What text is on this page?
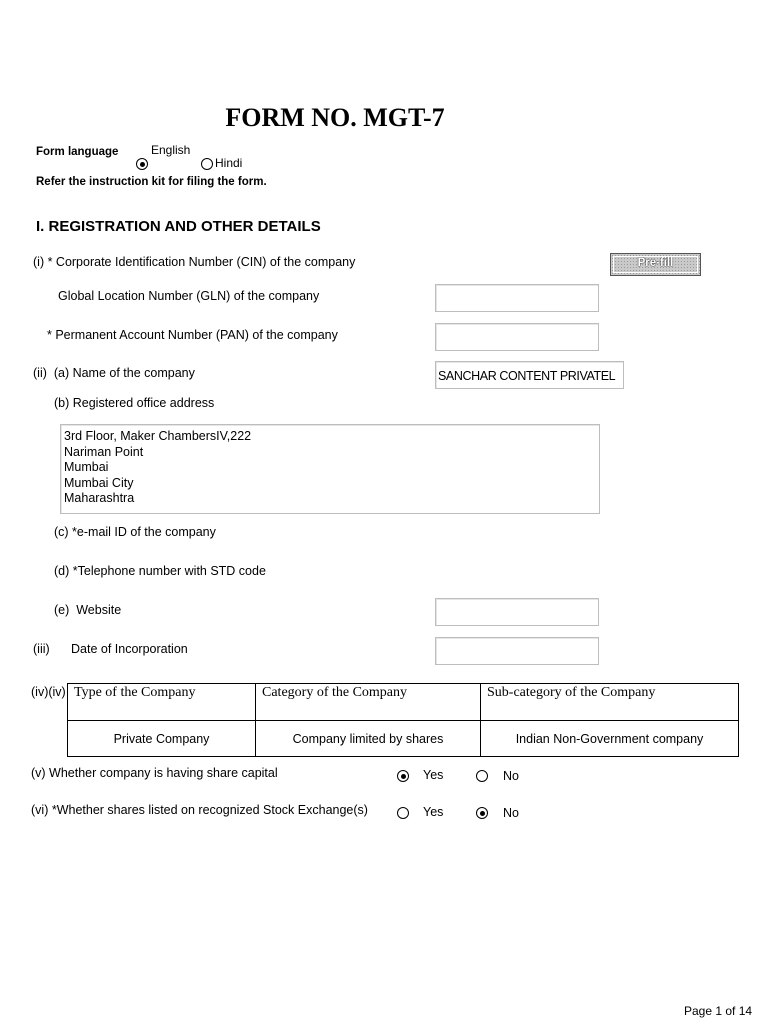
FORM NO. MGT-7
Form language	English
Hindi
Refer the instruction kit for filing the form.
I. REGISTRATION AND OTHER DETAILS
(i) * Corporate Identification Number (CIN) of the company	Pre-fill
Global Location Number (GLN) of the company
* Permanent Account Number (PAN) of the company
(ii)  (a) Name of the company	SANCHAR CONTENT PRIVATEL
(b) Registered office address
3rd Floor, Maker ChambersIV,222
Nariman Point
Mumbai
Mumbai City
Maharashtra
(c) *e-mail ID of the company
(d) *Telephone number with STD code
(e)  Website
(iii) Date of Incorporation
(iv)(iv) Type of the Company	Category of the Company	Sub-category of the Company
Private Company	Company limited by shares	Indian Non-Government company
(v) Whether company is having share capital	Yes	No
(vi) *Whether shares listed on recognized Stock Exchange(s)	Yes	No
Page 1 of 14
